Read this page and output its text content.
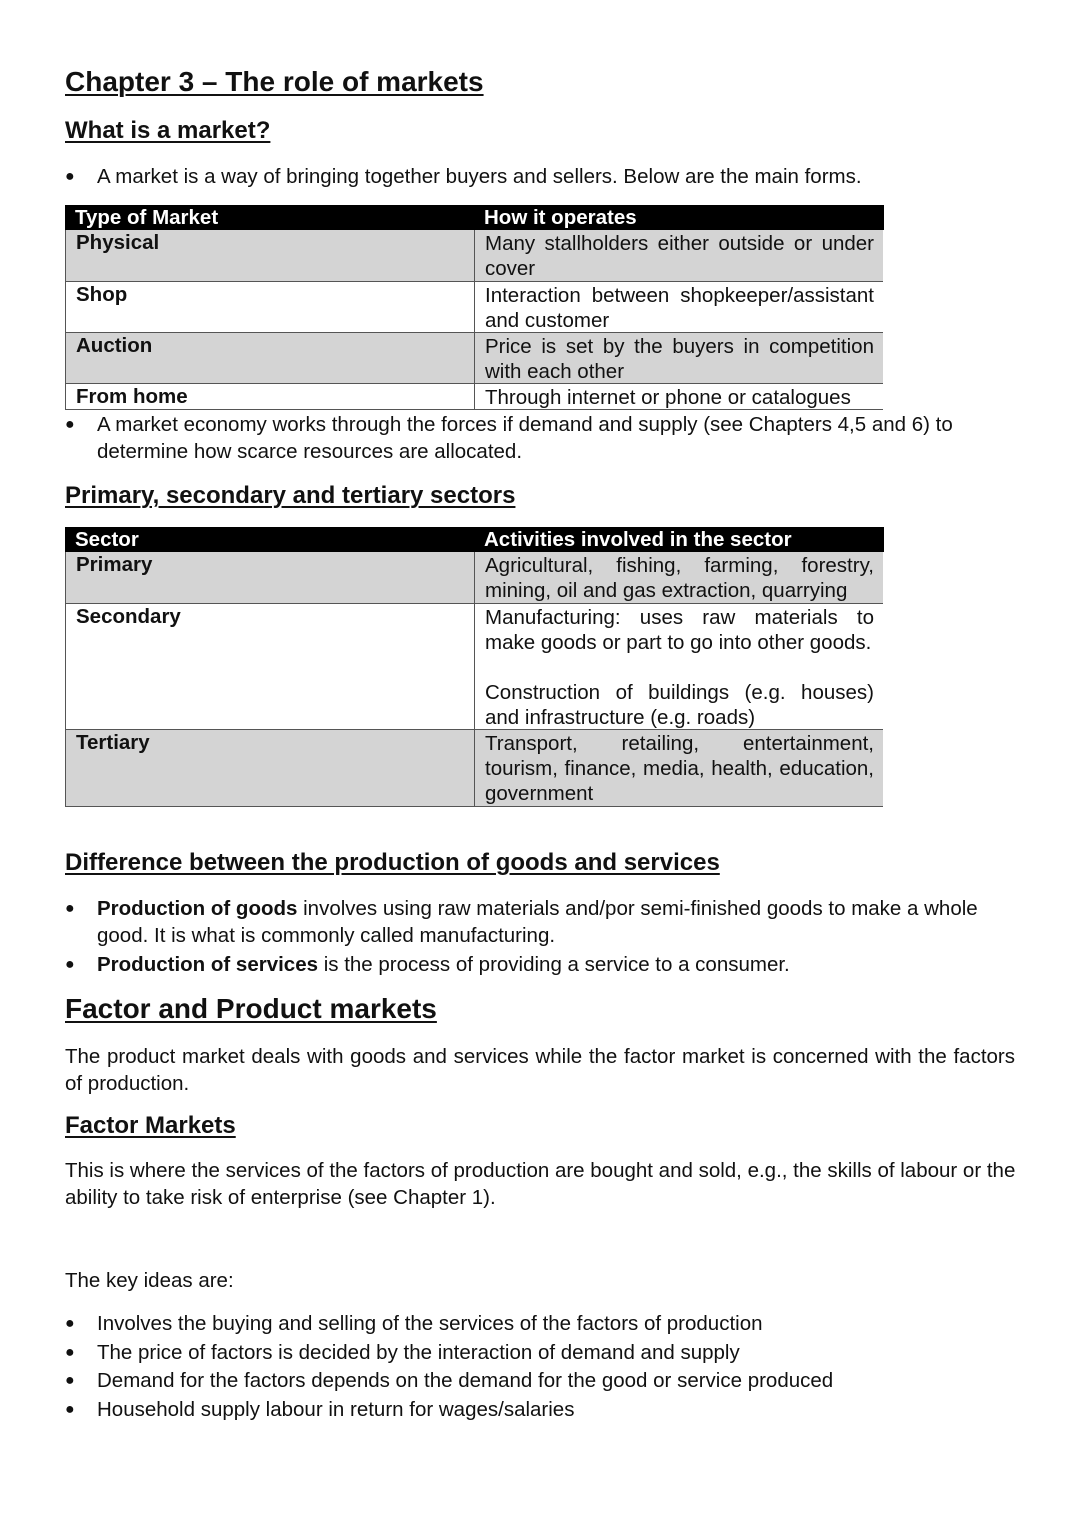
Chapter 3 – The role of markets
What is a market?
●	A market is a way of bringing together buyers and sellers. Below are the main forms.
Type of Market	How it operates
Physical	Many stallholders either outside or under cover
Shop	Interaction between shopkeeper/assistant and customer
Auction	Price is set by the buyers in competition with each other
From home	Through internet or phone or catalogues
●	A market economy works through the forces if demand and supply (see Chapters 4,5 and 6) to determine how scarce resources are allocated.
Primary, secondary and tertiary sectors
Sector	Activities involved in the sector
Primary	Agricultural, fishing, farming, forestry, mining, oil and gas extraction, quarrying
Secondary	Manufacturing: uses raw materials to make goods or part to go into other goods.
Construction of buildings (e.g. houses) and infrastructure (e.g. roads)
Tertiary	Transport, retailing, entertainment, tourism, finance, media, health, education, government
Difference between the production of goods and services
●	Production of goods involves using raw materials and/por semi-finished goods to make a whole good. It is what is commonly called manufacturing.
●	Production of services is the process of providing a service to a consumer.
Factor and Product markets
The product market deals with goods and services while the factor market is concerned with the factors of production.
Factor Markets
This is where the services of the factors of production are bought and sold, e.g., the skills of labour or the ability to take risk of enterprise (see Chapter 1).
The key ideas are:
●	Involves the buying and selling of the services of the factors of production
●	The price of factors is decided by the interaction of demand and supply
●	Demand for the factors depends on the demand for the good or service produced
●	Household supply labour in return for wages/salaries
